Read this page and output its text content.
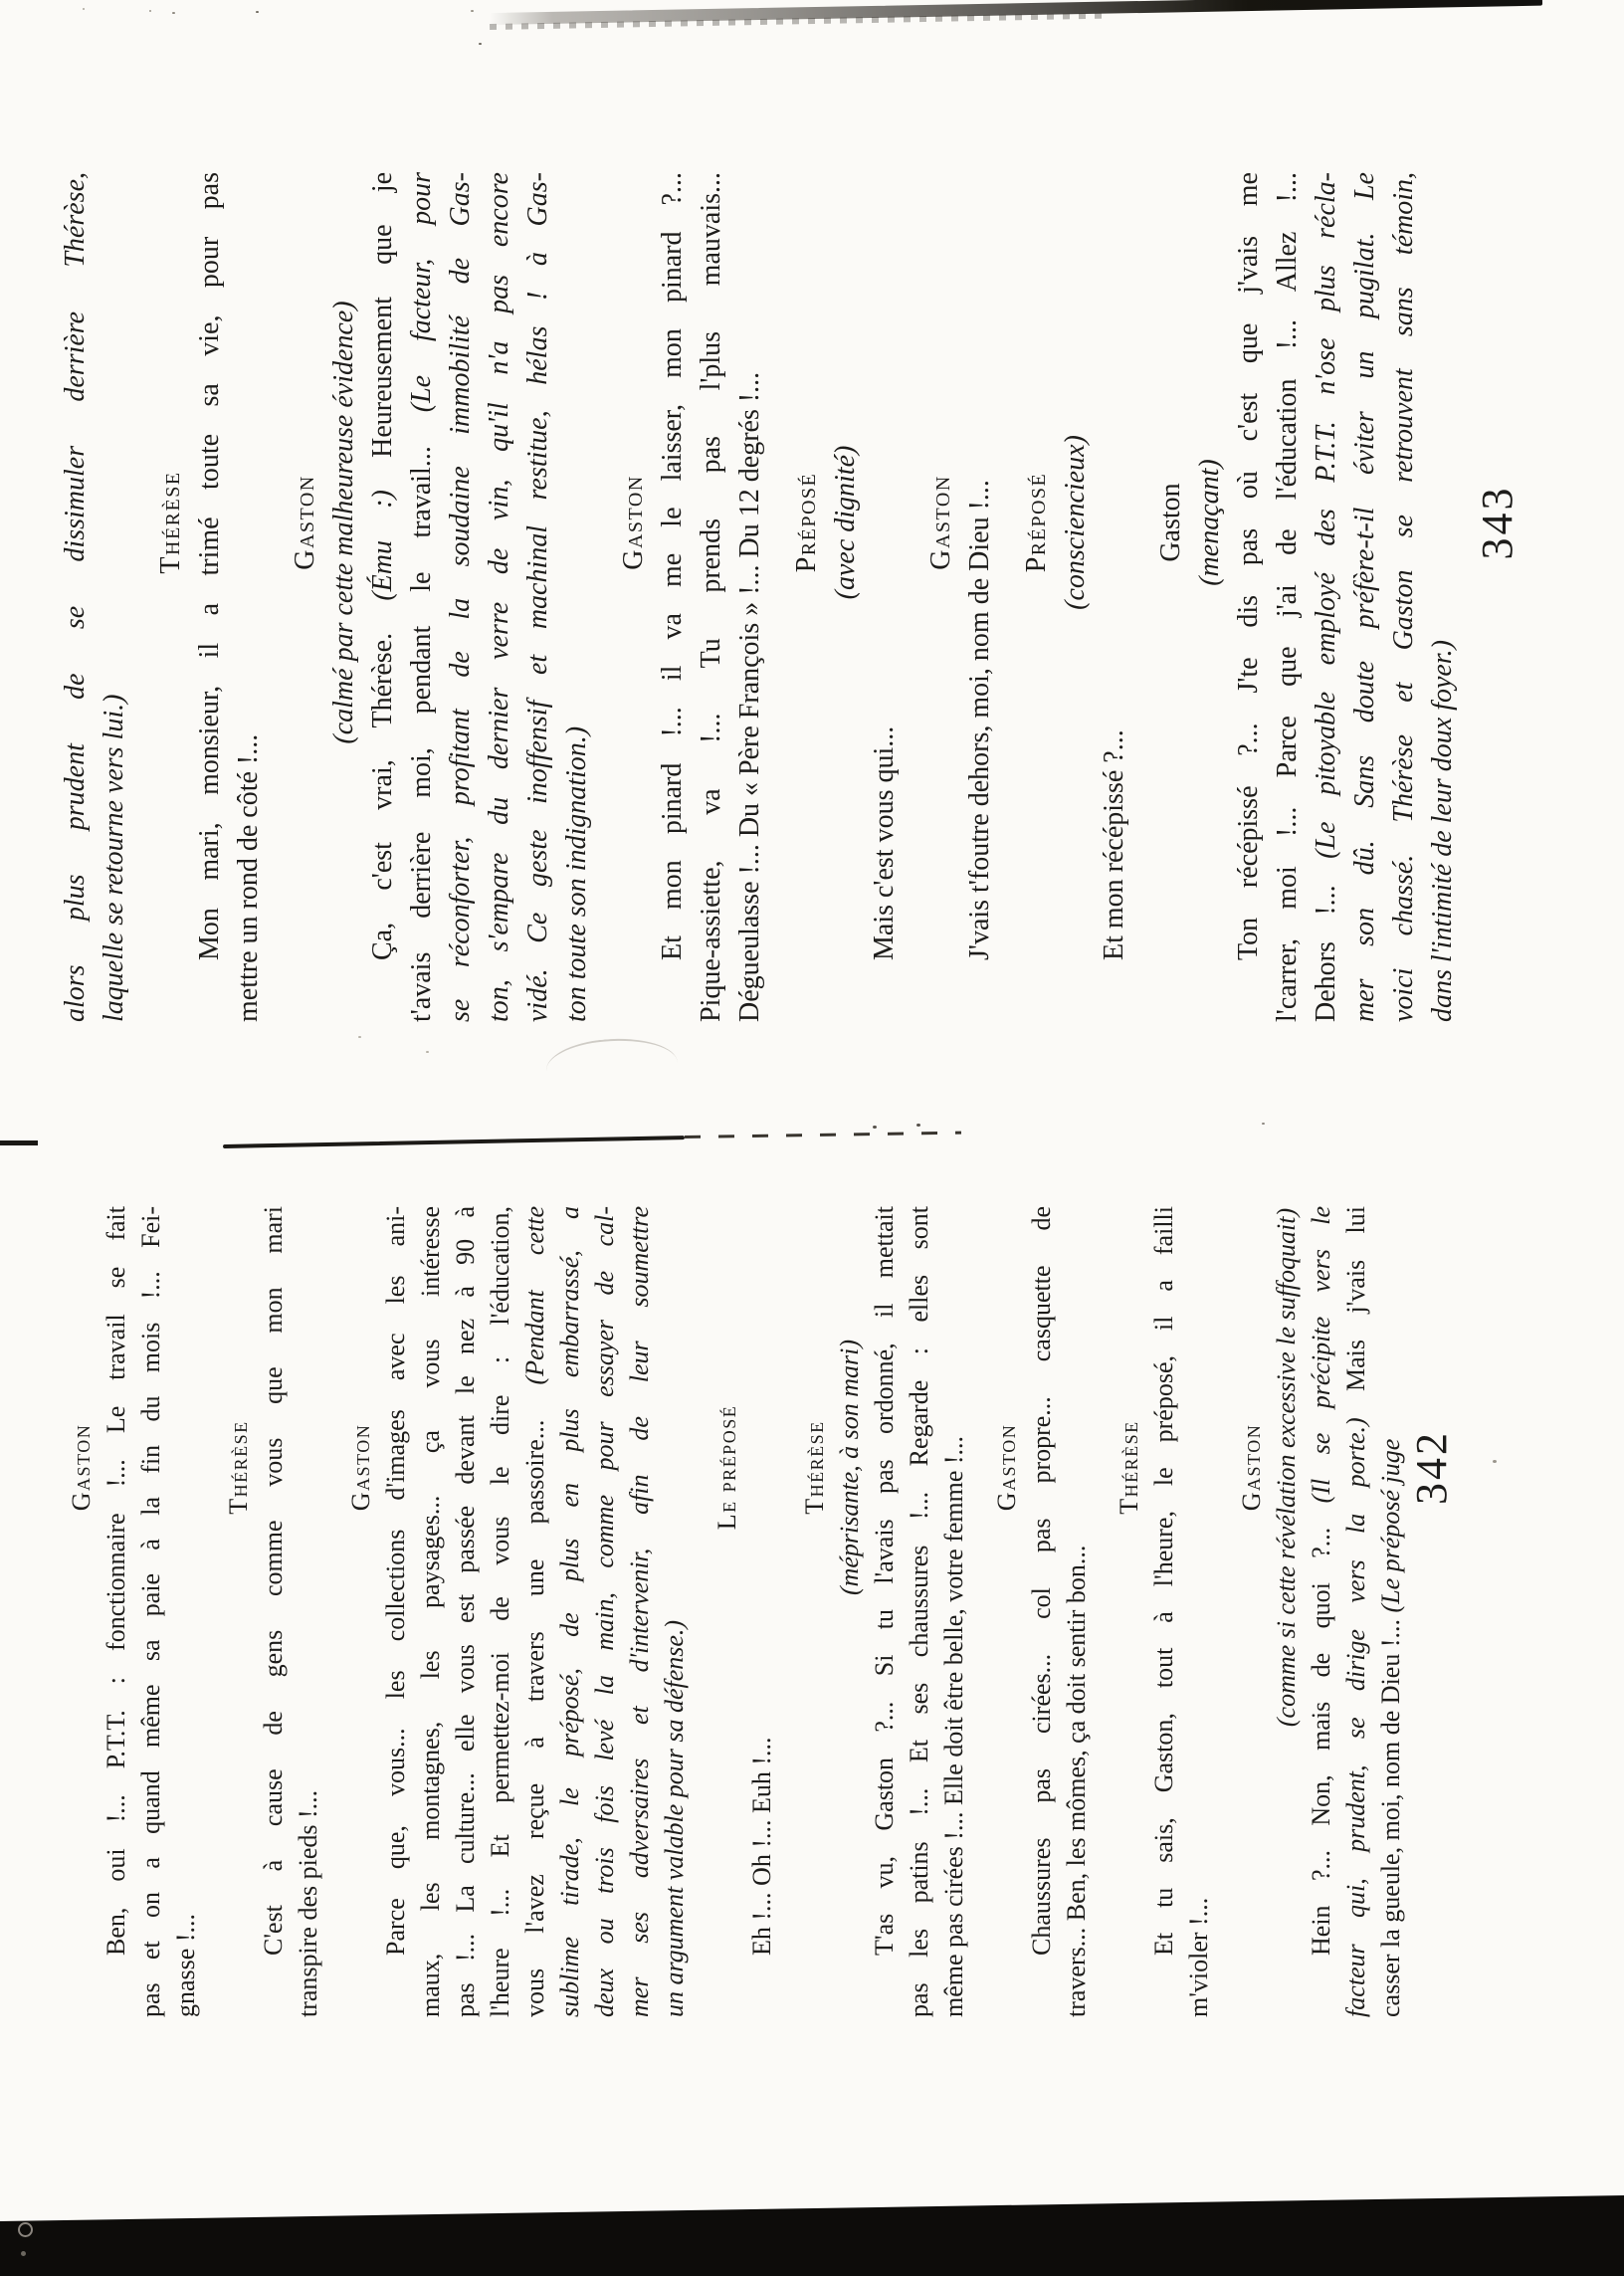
alors plus prudent de se dissimuler derrière Thérèse, laquelle se retourne vers lui.)
Thérèse Mon mari, monsieur, il a trimé toute sa vie, pour pas mettre un rond de côté !...
Gaston (calmé par cette malheureuse évidence)
Ça, c'est vrai, Thérèse. (Ému :) Heureusement que je
t'avais derrière moi, pendant le travail... (Le facteur, pour se réconforter, profitant de la soudaine immobilité de Gas- ton, s'empare du dernier verre de vin, qu'il n'a pas encore vidé. Ce geste inoffensif et machinal restitue, hélas ! à Gas- ton toute son indignation.)
Gaston Et mon pinard !... il va me le laisser, mon pinard ?... Pique-assiette, va !... Tu prends pas l'plus mauvais... Dégueulasse !... Du « Père François » !... Du 12 degrés !... Préposé (avec dignité)
Mais c'est vous qui...
Gaston J'vais t'foutre dehors, moi, nom de Dieu !... Préposé (consciencieux)
Et mon récépissé ?...
Gaston (menaçant) Ton récépissé ?... J'te dis pas où c'est que j'vais me l'carrer, moi !... Parce que j'ai de l'éducation !... Allez !... Dehors !... (Le pitoyable employé des P.T.T. n'ose plus récla- mer son dû. Sans doute préfère-t-il éviter un pugilat. Le voici chassé. Thérèse et Gaston se retrouvent sans témoin, dans l'intimité de leur doux foyer.)
343
Gaston Ben, oui !... P.T.T. : fonctionnaire !... Le travail se fait pas et on a quand même sa paie à la fin du mois !... Fei- gnasse !...
Thérèse C'est à cause de gens comme vous que mon mari transpire des pieds !...
Gaston Parce que, vous... les collections d'images avec les ani- maux, les montagnes, les paysages... ça vous intéresse pas !... La culture... elle vous est passée devant le nez à 90 à l'heure !... Et permettez-moi de vous le dire : l'éducation, vous l'avez reçue à travers une passoire... (Pendant cette sublime tirade, le préposé, de plus en plus embarrassé, a deux ou trois fois levé la main, comme pour essayer de cal- mer ses adversaires et d'intervenir, afin de leur soumettre un argument valable pour sa défense.)
Le préposé
Eh !... Oh !... Euh !...
Thérèse (méprisante, à son mari) T'as vu, Gaston ?... Si tu l'avais pas ordonné, il mettait pas les patins !... Et ses chaussures !... Regarde : elles sont même pas cirées !... Elle doit être belle, votre femme !... Gaston Chaussures pas cirées... col pas propre... casquette de travers... Ben, les mômes, ça doit sentir bon...
Thérèse Et tu sais, Gaston, tout à l'heure, le préposé, il a failli
m'violer !...
Gaston (comme si cette révélation excessive le suffoquait)
Hein ?... Non, mais de quoi ?... (Il se précipite vers le
facteur qui, prudent, se dirige vers la porte.) Mais j'vais lui
casser la gueule, moi, nom de Dieu !... (Le préposé juge 342
